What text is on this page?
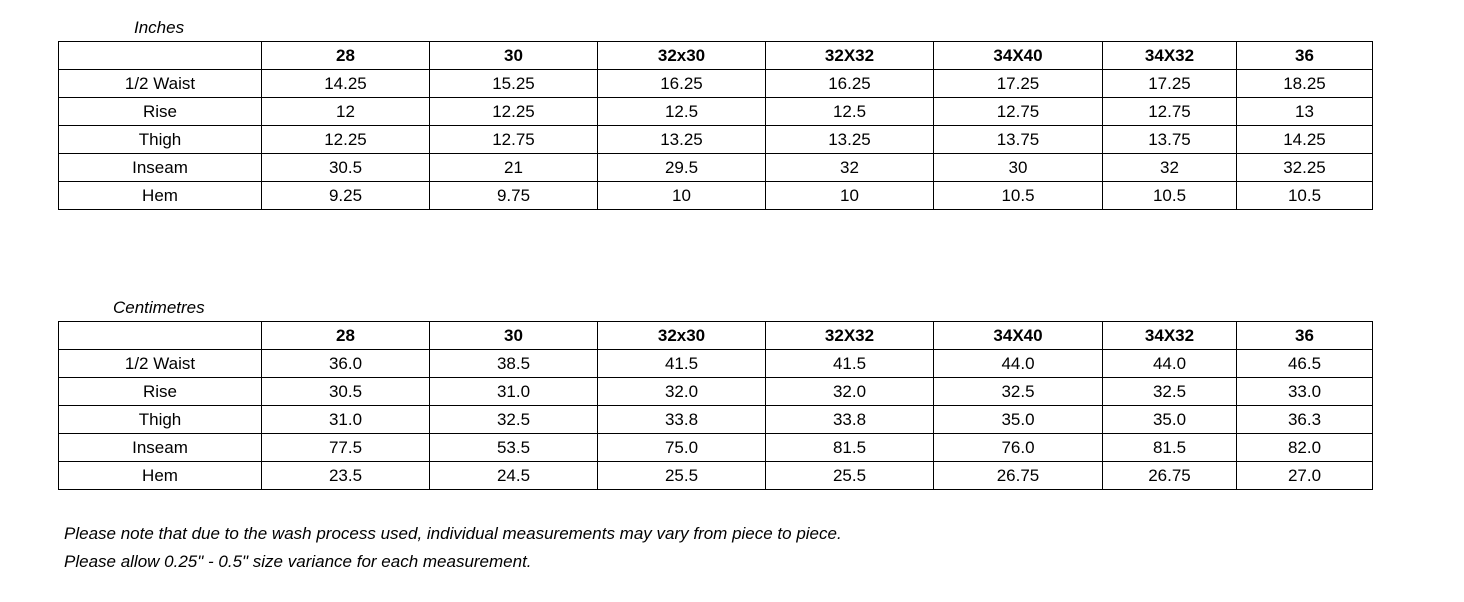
Inches
	28	30	32x30	32X32	34X40	34X32	36
1/2 Waist	14.25	15.25	16.25	16.25	17.25	17.25	18.25
Rise	12	12.25	12.5	12.5	12.75	12.75	13
Thigh	12.25	12.75	13.25	13.25	13.75	13.75	14.25
Inseam	30.5	21	29.5	32	30	32	32.25
Hem	9.25	9.75	10	10	10.5	10.5	10.5
Centimetres
	28	30	32x30	32X32	34X40	34X32	36
1/2 Waist	36.0	38.5	41.5	41.5	44.0	44.0	46.5
Rise	30.5	31.0	32.0	32.0	32.5	32.5	33.0
Thigh	31.0	32.5	33.8	33.8	35.0	35.0	36.3
Inseam	77.5	53.5	75.0	81.5	76.0	81.5	82.0
Hem	23.5	24.5	25.5	25.5	26.75	26.75	27.0

Please note that due to the wash process used, individual measurements may vary from piece to piece.

Please allow 0.25" - 0.5" size variance for each measurement.
